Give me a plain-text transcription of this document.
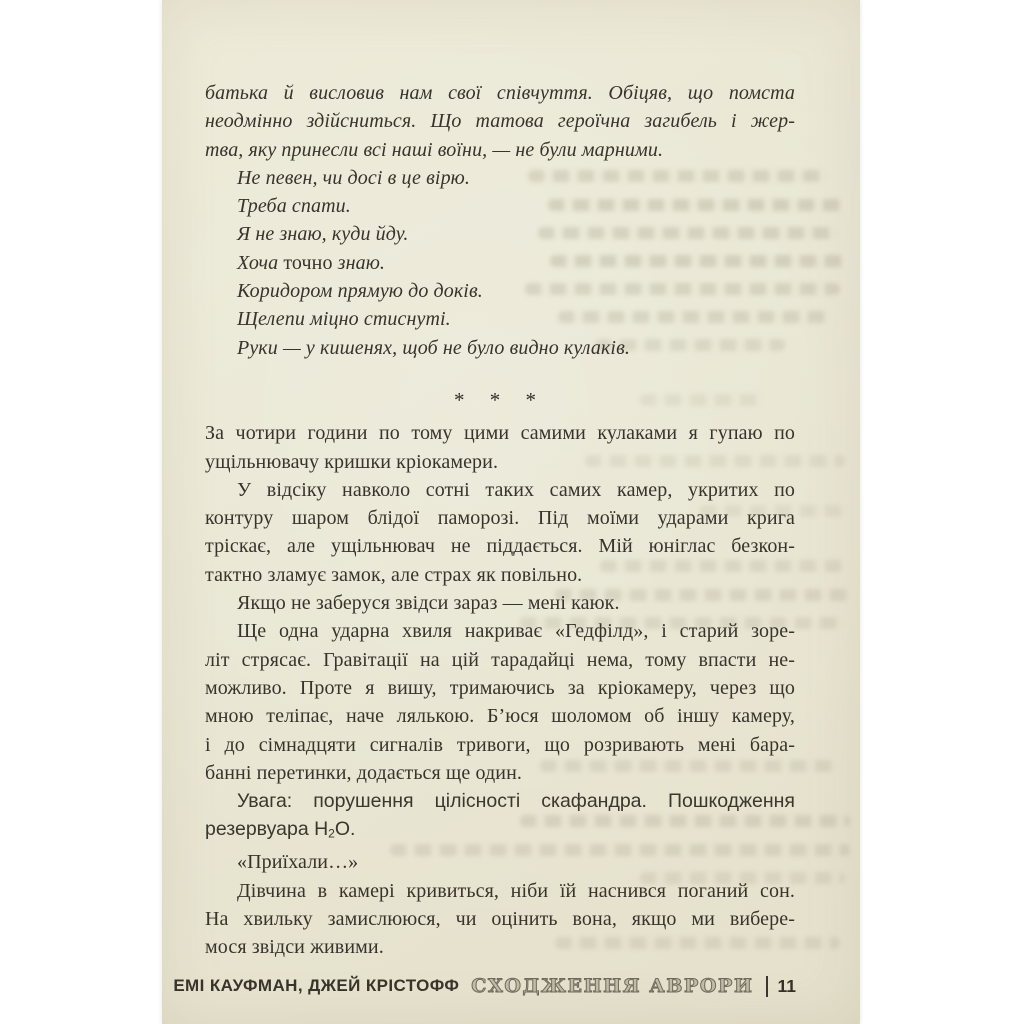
батька й висловив нам свої співчуття. Обіцяв, що помста
неодмінно здійсниться. Що татова героїчна загибель і жер-
тва, яку принесли всі наші воїни, — не були марними.
Не певен, чи досі в це вірю.
Треба спати.
Я не знаю, куди йду.
Хоча точно знаю.
Коридором прямую до доків.
Щелепи міцно стиснуті.
Руки — у кишенях, щоб не було видно кулаків.
* * *
За чотири години по тому цими самими кулаками я гупаю по
ущільнювачу кришки кріокамери.
У відсіку навколо сотні таких самих камер, укритих по
контуру шаром блідої паморозі. Під моїми ударами крига
тріскає, але ущільнювач не піддається. Мій юніглас безкон-
тактно зламує замок, але страх як повільно.
Якщо не заберуся звідси зараз — мені каюк.
Ще одна ударна хвиля накриває «Гедфілд», і старий зоре-
літ стрясає. Гравітації на цій тарадайці нема, тому впасти не-
можливо. Проте я вишу, тримаючись за кріокамеру, через що
мною теліпає, наче лялькою. Б’юся шоломом об іншу камеру,
і до сімнадцяти сигналів тривоги, що розривають мені бара-
банні перетинки, додається ще один.
Увага: порушення цілісності скафандра. Пошкодження
резервуара $Н_2О$.
«Приїхали…»
Дівчина в камері кривиться, ніби їй наснився поганий сон.
На хвильку замислююся, чи оцінить вона, якщо ми вибере-
мося звідси живими.
ЕМІ КАУФМАН, ДЖЕЙ КРІСТОФФ СХОДЖЕННЯ АВРОРИ 11
